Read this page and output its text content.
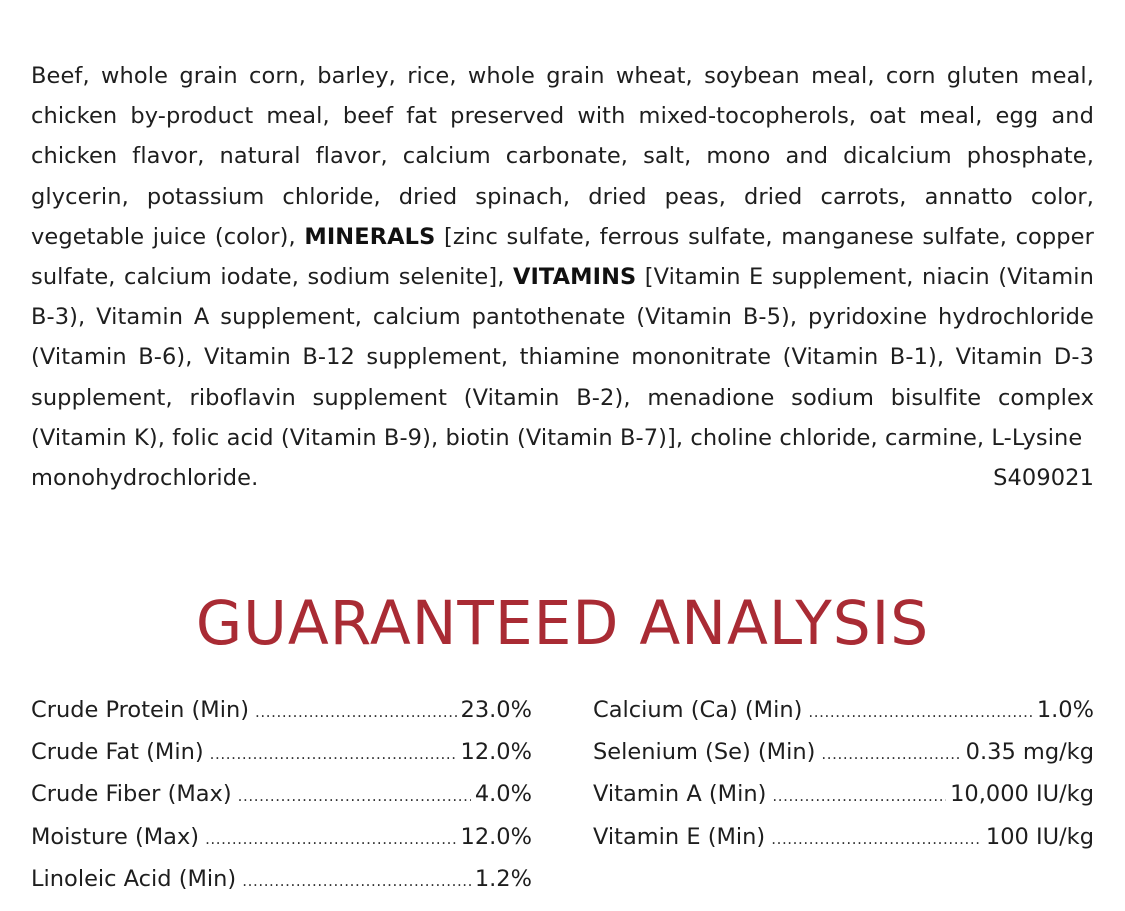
Beef, whole grain corn, barley, rice, whole grain wheat, soybean meal, corn gluten meal, chicken by-product meal, beef fat preserved with mixed-tocopherols, oat meal, egg and chicken flavor, natural flavor, calcium carbonate, salt, mono and dicalcium phosphate, glycerin, potassium chloride, dried spinach, dried peas, dried carrots, annatto color, vegetable juice (color), MINERALS [zinc sulfate, ferrous sulfate, manganese sulfate, copper sulfate, calcium iodate, sodium selenite], VITAMINS [Vitamin E supplement, niacin (Vitamin B-3), Vitamin A supplement, calcium pantothenate (Vitamin B-5), pyridoxine hydrochloride (Vitamin B-6), Vitamin B-12 supplement, thiamine mononitrate (Vitamin B-1), Vitamin D-3 supplement, riboflavin supplement (Vitamin B-2), menadione sodium bisulfite complex (Vitamin K), folic acid (Vitamin B-9), biotin (Vitamin B-7)], choline chloride, carmine, L-Lysine
monohydrochloride.	S409021
GUARANTEED ANALYSIS
Crude Protein (Min) .....	23.0%
Crude Fat (Min) .....	12.0%
Crude Fiber (Max) .....	4.0%
Moisture (Max) .....	12.0%
Linoleic Acid (Min) .....	1.2%
Calcium (Ca) (Min) .....	1.0%
Selenium (Se) (Min) .....	0.35 mg/kg
Vitamin A (Min) .....	10,000 IU/kg
Vitamin E (Min) .....	100 IU/kg
